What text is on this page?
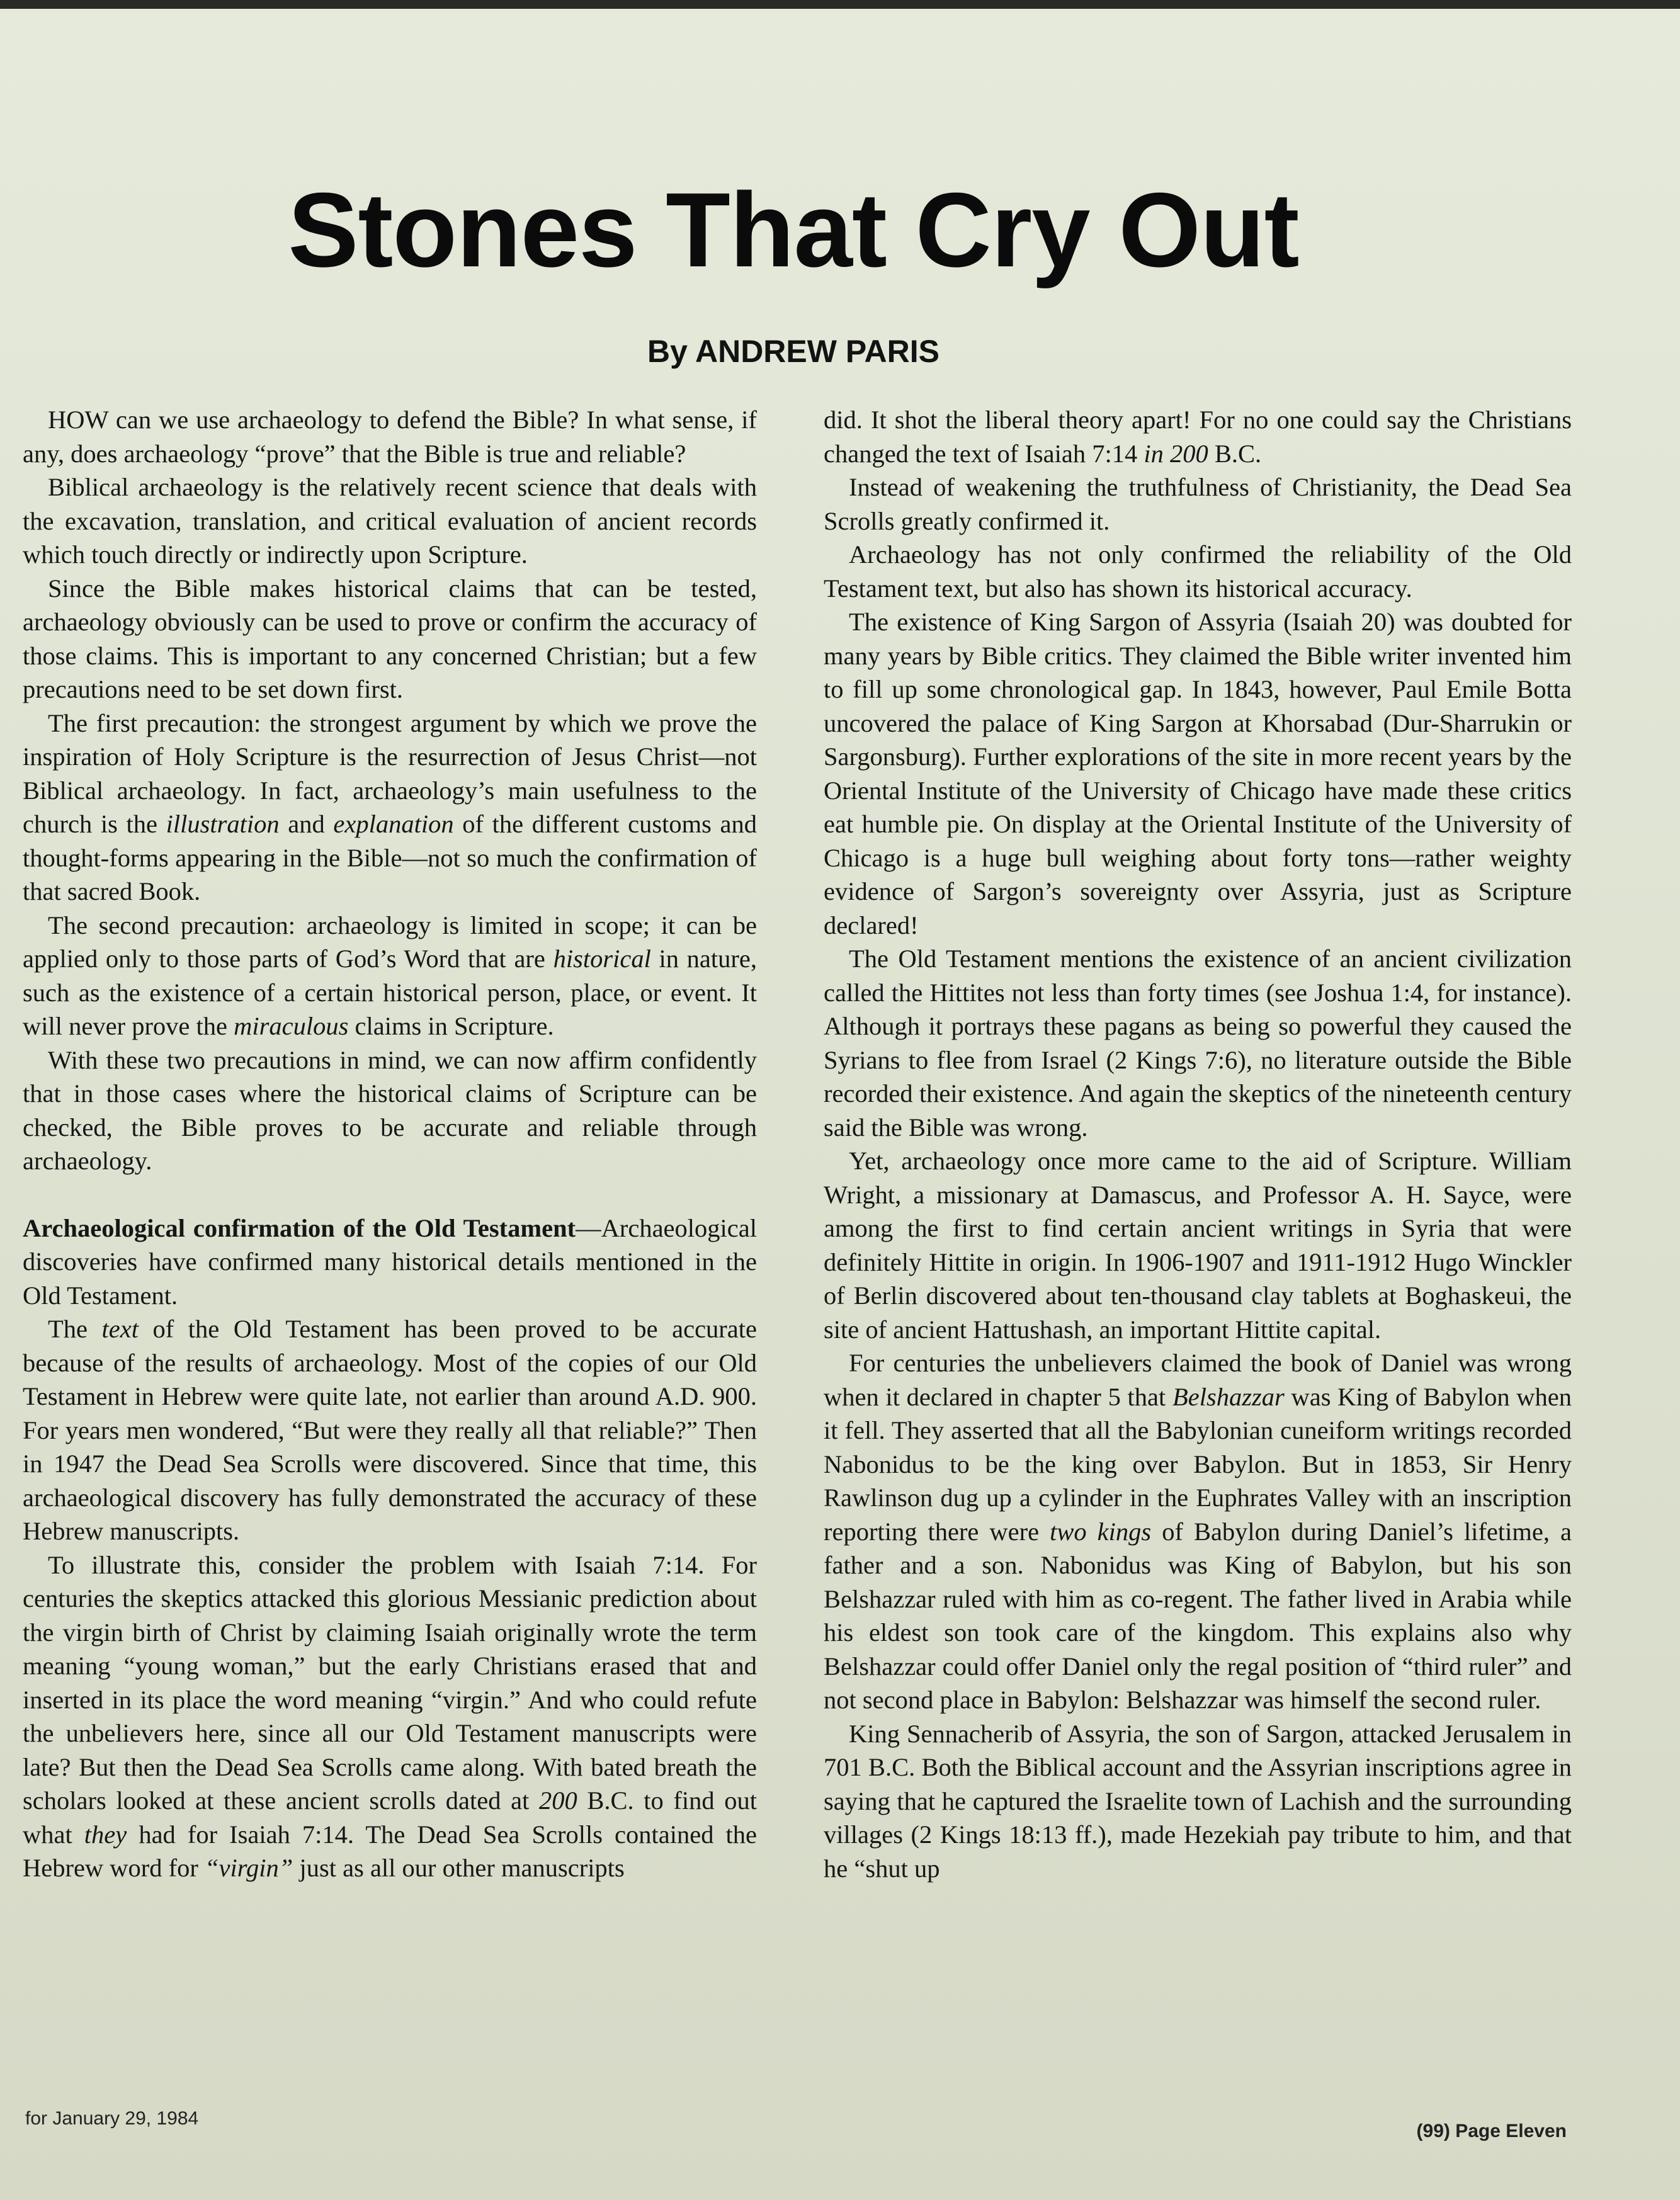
Stones That Cry Out
By ANDREW PARIS

HOW can we use archaeology to defend the Bible? In what sense, if any, does archaeology “prove” that the Bible is true and reliable?

Biblical archaeology is the relatively recent science that deals with the excavation, translation, and critical evaluation of ancient records which touch directly or indirectly upon Scripture.

Since the Bible makes historical claims that can be tested, archaeology obviously can be used to prove or confirm the accuracy of those claims. This is important to any concerned Christian; but a few precautions need to be set down first.

The first precaution: the strongest argument by which we prove the inspiration of Holy Scripture is the resurrection of Jesus Christ—not Biblical archaeology. In fact, archaeology’s main usefulness to the church is the illustration and explanation of the different customs and thought-forms appearing in the Bible—not so much the confirmation of that sacred Book.

The second precaution: archaeology is limited in scope; it can be applied only to those parts of God’s Word that are historical in nature, such as the existence of a certain historical person, place, or event. It will never prove the miraculous claims in Scripture.

With these two precautions in mind, we can now affirm confidently that in those cases where the historical claims of Scripture can be checked, the Bible proves to be accurate and reliable through archaeology.

Archaeological confirmation of the Old Testament—Archaeological discoveries have confirmed many historical details mentioned in the Old Testament.

The text of the Old Testament has been proved to be accurate because of the results of archaeology. Most of the copies of our Old Testament in Hebrew were quite late, not earlier than around A.D. 900. For years men wondered, “But were they really all that reliable?” Then in 1947 the Dead Sea Scrolls were discovered. Since that time, this archaeological discovery has fully demonstrated the accuracy of these Hebrew manuscripts.

To illustrate this, consider the problem with Isaiah 7:14. For centuries the skeptics attacked this glorious Messianic prediction about the virgin birth of Christ by claiming Isaiah originally wrote the term meaning “young woman,” but the early Christians erased that and inserted in its place the word meaning “virgin.” And who could refute the unbelievers here, since all our Old Testament manuscripts were late? But then the Dead Sea Scrolls came along. With bated breath the scholars looked at these ancient scrolls dated at 200 B.C. to find out what they had for Isaiah 7:14. The Dead Sea Scrolls contained the Hebrew word for “virgin” just as all our other manuscripts

did. It shot the liberal theory apart! For no one could say the Christians changed the text of Isaiah 7:14 in 200 B.C.

Instead of weakening the truthfulness of Christianity, the Dead Sea Scrolls greatly confirmed it.

Archaeology has not only confirmed the reliability of the Old Testament text, but also has shown its historical accuracy.

The existence of King Sargon of Assyria (Isaiah 20) was doubted for many years by Bible critics. They claimed the Bible writer invented him to fill up some chronological gap. In 1843, however, Paul Emile Botta uncovered the palace of King Sargon at Khorsabad (Dur-Sharrukin or Sargonsburg). Further explorations of the site in more recent years by the Oriental Institute of the University of Chicago have made these critics eat humble pie. On display at the Oriental Institute of the University of Chicago is a huge bull weighing about forty tons—rather weighty evidence of Sargon’s sovereignty over Assyria, just as Scripture declared!

The Old Testament mentions the existence of an ancient civilization called the Hittites not less than forty times (see Joshua 1:4, for instance). Although it portrays these pagans as being so powerful they caused the Syrians to flee from Israel (2 Kings 7:6), no literature outside the Bible recorded their existence. And again the skeptics of the nineteenth century said the Bible was wrong.

Yet, archaeology once more came to the aid of Scripture. William Wright, a missionary at Damascus, and Professor A. H. Sayce, were among the first to find certain ancient writings in Syria that were definitely Hittite in origin. In 1906-1907 and 1911-1912 Hugo Winckler of Berlin discovered about ten-thousand clay tablets at Boghaskeui, the site of ancient Hattushash, an important Hittite capital.

For centuries the unbelievers claimed the book of Daniel was wrong when it declared in chapter 5 that Belshazzar was King of Babylon when it fell. They asserted that all the Babylonian cuneiform writings recorded Nabonidus to be the king over Babylon. But in 1853, Sir Henry Rawlinson dug up a cylinder in the Euphrates Valley with an inscription reporting there were two kings of Babylon during Daniel’s lifetime, a father and a son. Nabonidus was King of Babylon, but his son Belshazzar ruled with him as co-regent. The father lived in Arabia while his eldest son took care of the kingdom. This explains also why Belshazzar could offer Daniel only the regal position of “third ruler” and not second place in Babylon: Belshazzar was himself the second ruler.

King Sennacherib of Assyria, the son of Sargon, attacked Jerusalem in 701 B.C. Both the Biblical account and the Assyrian inscriptions agree in saying that he captured the Israelite town of Lachish and the surrounding villages (2 Kings 18:13 ff.), made Hezekiah pay tribute to him, and that he “shut up

for January 29, 1984
(99) Page Eleven
